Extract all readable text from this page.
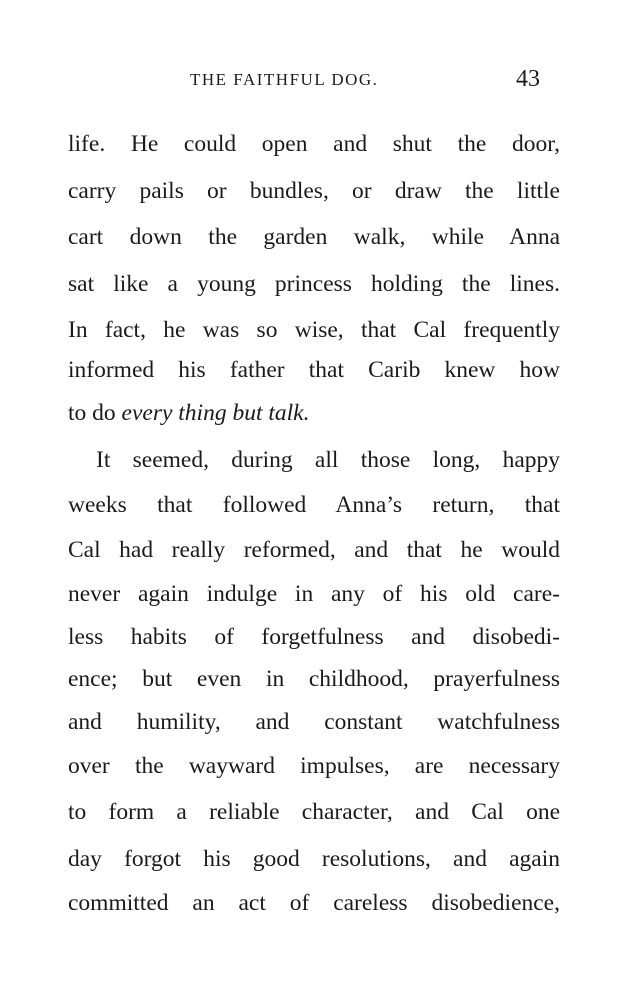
THE FAITHFUL DOG.	43
life. He could open and shut the door,
carry pails or bundles, or draw the little
cart down the garden walk, while Anna
sat like a young princess holding the lines.
In fact, he was so wise, that Cal frequently
informed his father that Carib knew how
to do every thing but talk.
It seemed, during all those long, happy
weeks that followed Anna’s return, that
Cal had really reformed, and that he would
never again indulge in any of his old care-
less habits of forgetfulness and disobedi-
ence; but even in childhood, prayerfulness
and humility, and constant watchfulness
over the wayward impulses, are necessary
to form a reliable character, and Cal one
day forgot his good resolutions, and again
committed an act of careless disobedience,
